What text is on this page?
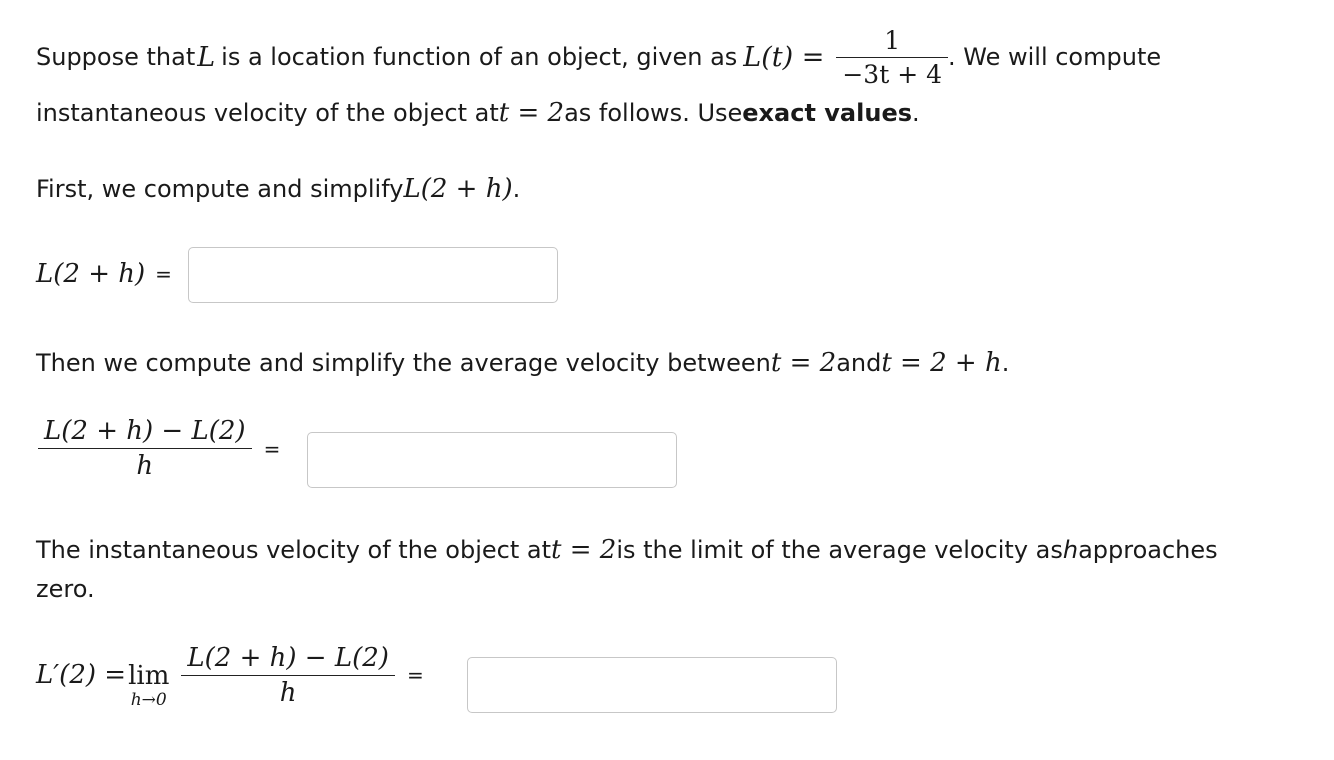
Suppose that L is a location function of an object, given as $L(t) = \frac{1}{-3t + 4}$ . We will compute
instantaneous velocity of the object at t = 2 as follows. Use exact values .
First, we compute and simplify L(2 + h) .
L(2 + h) =
Then we compute and simplify the average velocity between t = 2 and t = 2 + h .
$\frac{L(2 + h) - L(2)}{h}$ =
The instantaneous velocity of the object at t = 2 is the limit of the average velocity as h approaches
zero.
L′(2) = lim
$h\to 0 \frac{L(2 + h) - L(2)}{h}$ =
